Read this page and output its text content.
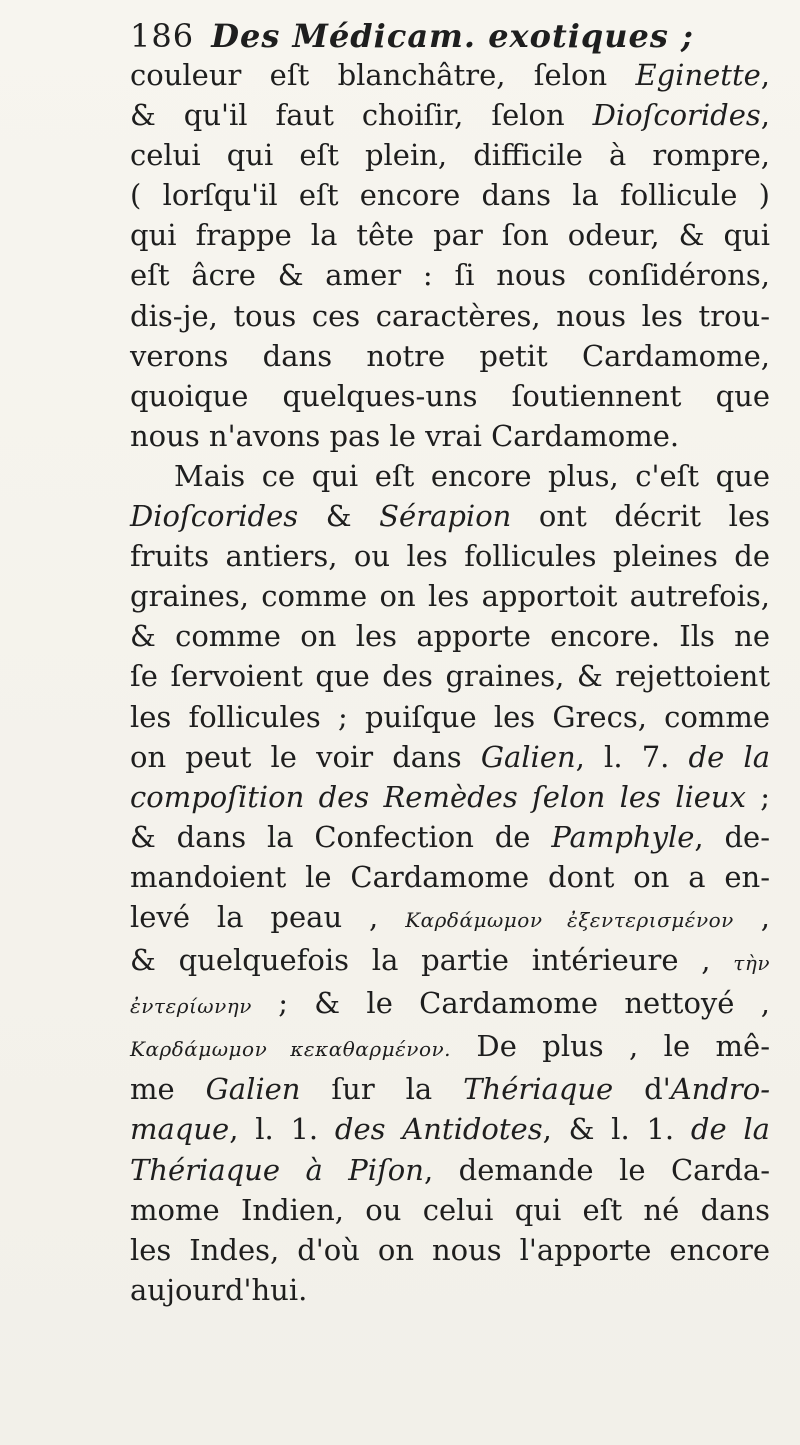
186 Des Médicam. exotiques ;
couleur eſt blanchâtre, ſelon Eginette,
& qu'il faut choiſir, ſelon Dioſcorides,
celui qui eſt plein, difficile à rompre,
( lorſqu'il eſt encore dans la follicule )
qui frappe la tête par ſon odeur, & qui
eſt âcre & amer : ſi nous conſidérons,
dis-je, tous ces caractères, nous les trou-
verons dans notre petit Cardamome,
quoique quelques-uns ſoutiennent que
nous n'avons pas le vrai Cardamome.
Mais ce qui eſt encore plus, c'eſt que
Dioſcorides & Sérapion ont décrit les
fruits antiers, ou les follicules pleines de
graines, comme on les apportoit autrefois,
& comme on les apporte encore. Ils ne
ſe ſervoient que des graines, & rejettoient
les follicules ; puiſque les Grecs, comme
on peut le voir dans Galien, l. 7. de la
compoſition des Remèdes ſelon les lieux ;
& dans la Confection de Pamphyle, de-
mandoient le Cardamome dont on a en-
levé la peau , Καρδάμωμον ἐξεντερισμένον ,
& quelquefois la partie intérieure , τὴν
ἐντερίωνην ; & le Cardamome nettoyé ,
Καρδάμωμον κεκαθαρμένον. De plus , le mê-
me Galien ſur la Thériaque d'Andro-
maque, l. 1. des Antidotes, & l. 1. de la
Thériaque à Piſon, demande le Carda-
mome Indien, ou celui qui eſt né dans
les Indes, d'où on nous l'apporte encore
aujourd'hui.
